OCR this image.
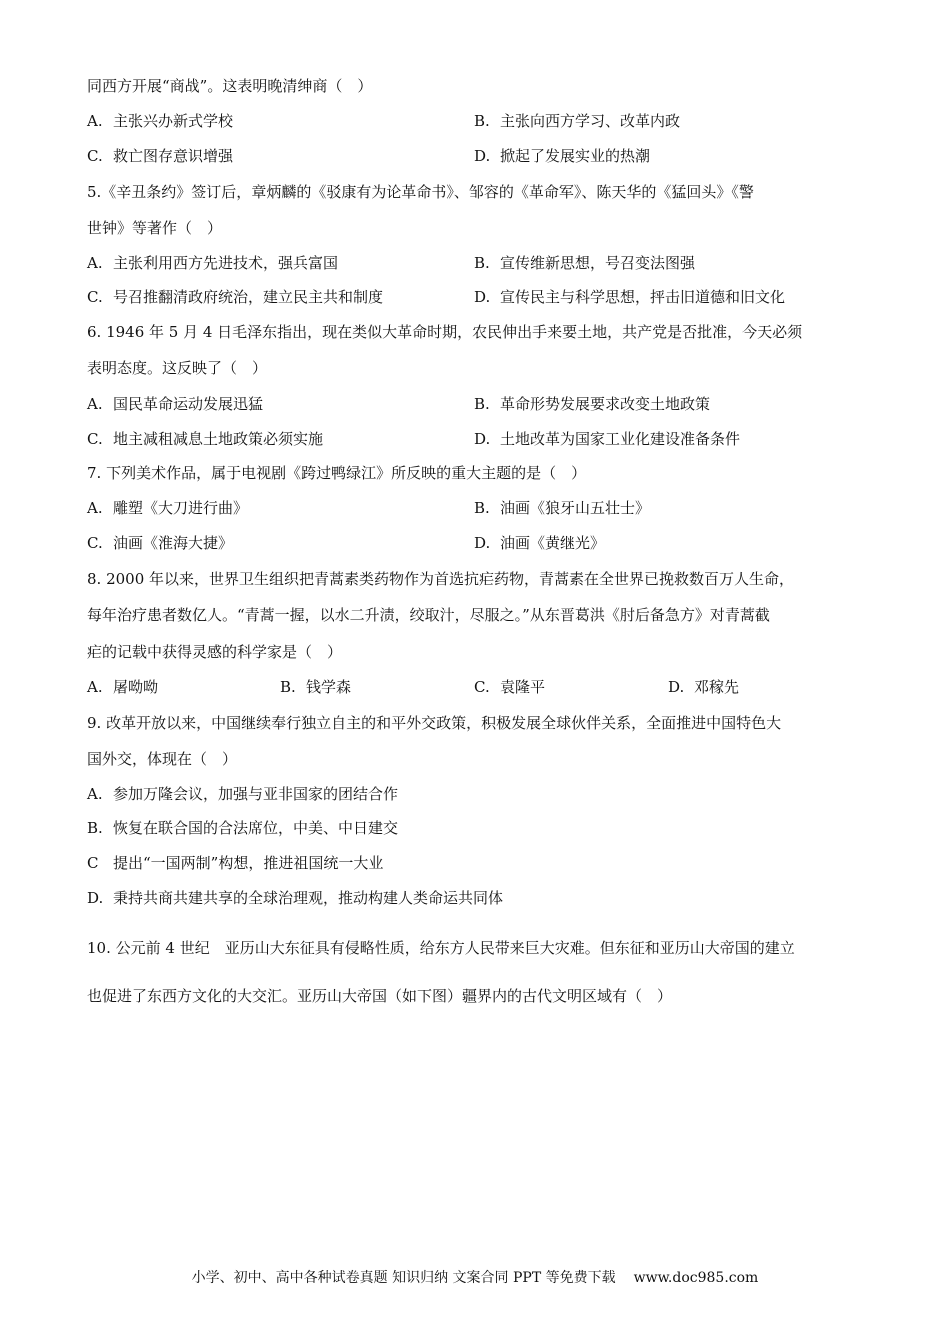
同西方开展“商战”。这表明晚清绅商（　）
A. 主张兴办新式学校	B. 主张向西方学习、改革内政
C. 救亡图存意识增强	D. 掀起了发展实业的热潮
5.《辛丑条约》签订后，章炳麟的《驳康有为论革命书》、邹容的《革命军》、陈天华的《猛回头》《警
世钟》等著作（　）
A. 主张利用西方先进技术，强兵富国	B. 宣传维新思想，号召变法图强
C. 号召推翻清政府统治，建立民主共和制度	D. 宣传民主与科学思想，抨击旧道德和旧文化
6. 1946 年 5 月 4 日毛泽东指出，现在类似大革命时期，农民伸出手来要土地，共产党是否批准，今天必须
表明态度。这反映了（　）
A. 国民革命运动发展迅猛	B. 革命形势发展要求改变土地政策
C. 地主减租减息土地政策必须实施	D. 土地改革为国家工业化建设准备条件
7. 下列美术作品，属于电视剧《跨过鸭绿江》所反映的重大主题的是（　）
A. 雕塑《大刀进行曲》	B. 油画《狼牙山五壮士》
C. 油画《淮海大捷》	D. 油画《黄继光》
8. 2000 年以来，世界卫生组织把青蒿素类药物作为首选抗疟药物，青蒿素在全世界已挽救数百万人生命，
每年治疗患者数亿人。“青蒿一握，以水二升渍，绞取汁，尽服之。”从东晋葛洪《肘后备急方》对青蒿截
疟的记载中获得灵感的科学家是（　）
A. 屠呦呦	B. 钱学森	C. 袁隆平	D. 邓稼先
9. 改革开放以来，中国继续奉行独立自主的和平外交政策，积极发展全球伙伴关系，全面推进中国特色大
国外交，体现在（　）
A. 参加万隆会议，加强与亚非国家的团结合作
B. 恢复在联合国的合法席位，中美、中日建交
C 提出“一国两制”构想，推进祖国统一大业
D. 秉持共商共建共享的全球治理观，推动构建人类命运共同体
10. 公元前 4 世纪　亚历山大东征具有侵略性质，给东方人民带来巨大灾难。但东征和亚历山大帝国的建立
也促进了东西方文化的大交汇。亚历山大帝国（如下图）疆界内的古代文明区域有（　）
小学、初中、高中各种试卷真题 知识归纳 文案合同 PPT 等免费下载 www.doc985.com
